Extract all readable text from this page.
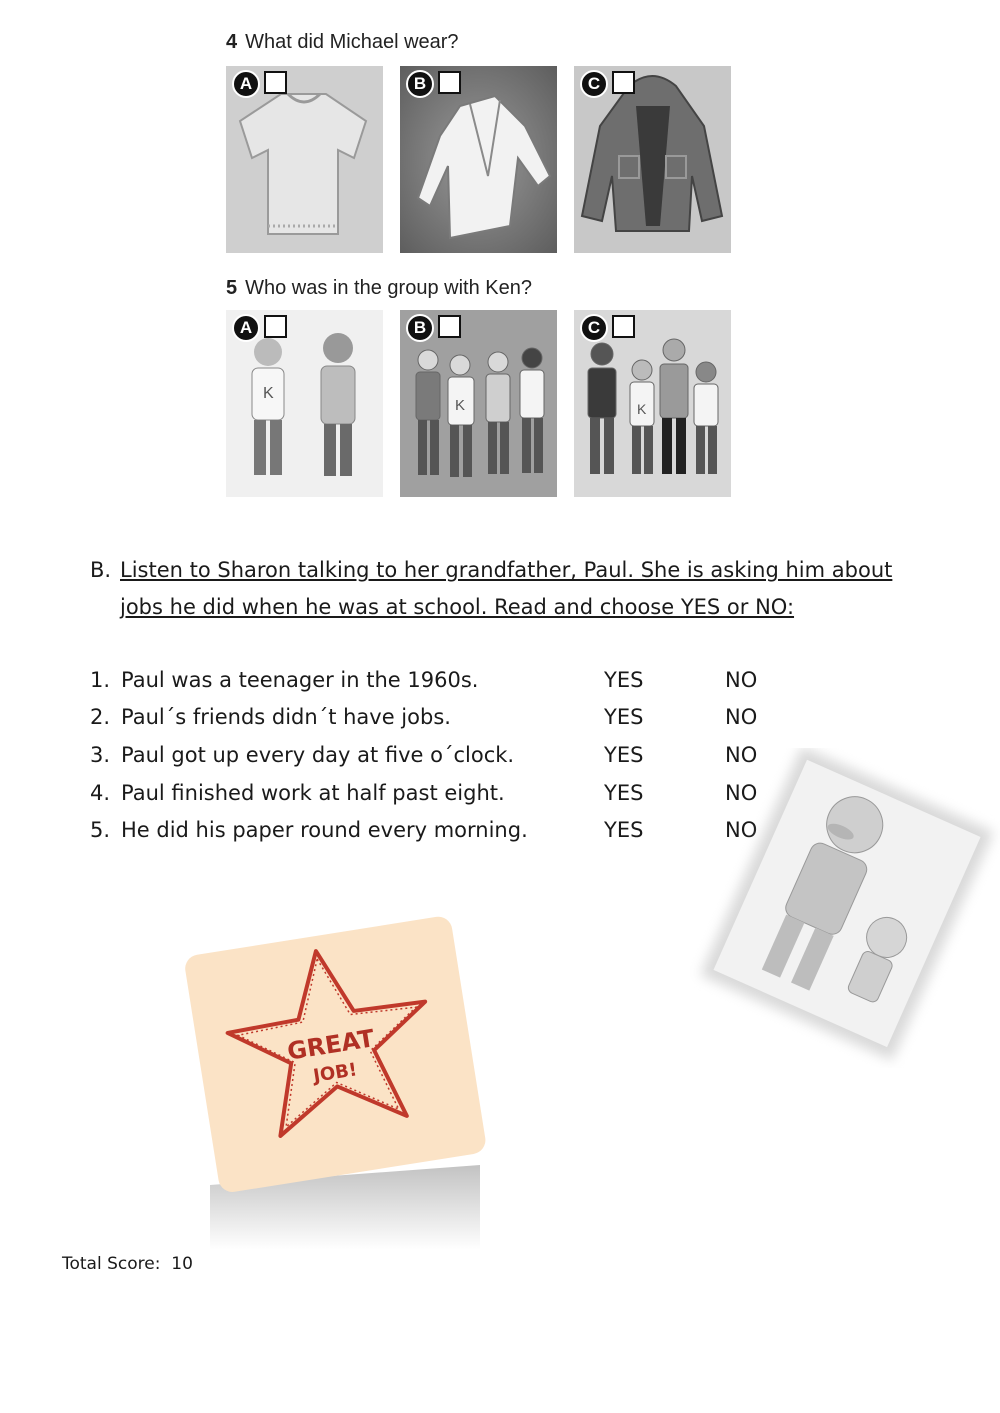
4 What did Michael wear?
A	B	C
5 Who was in the group with Ken?
K
A
K
B
K
C
B. Listen to Sharon talking to her grandfather, Paul. She is asking him about jobs he did when he was at school. Read and choose YES or NO:
1. Paul was a teenager in the 1960s.	YES	NO
2. Paul´s friends didn´t have jobs.	YES	NO
3. Paul got up every day at five o´clock.	YES	NO
4. Paul finished work at half past eight.	YES	NO
5. He did his paper round every morning.	YES	NO
GREAT
JOB!
Total Score: 10
